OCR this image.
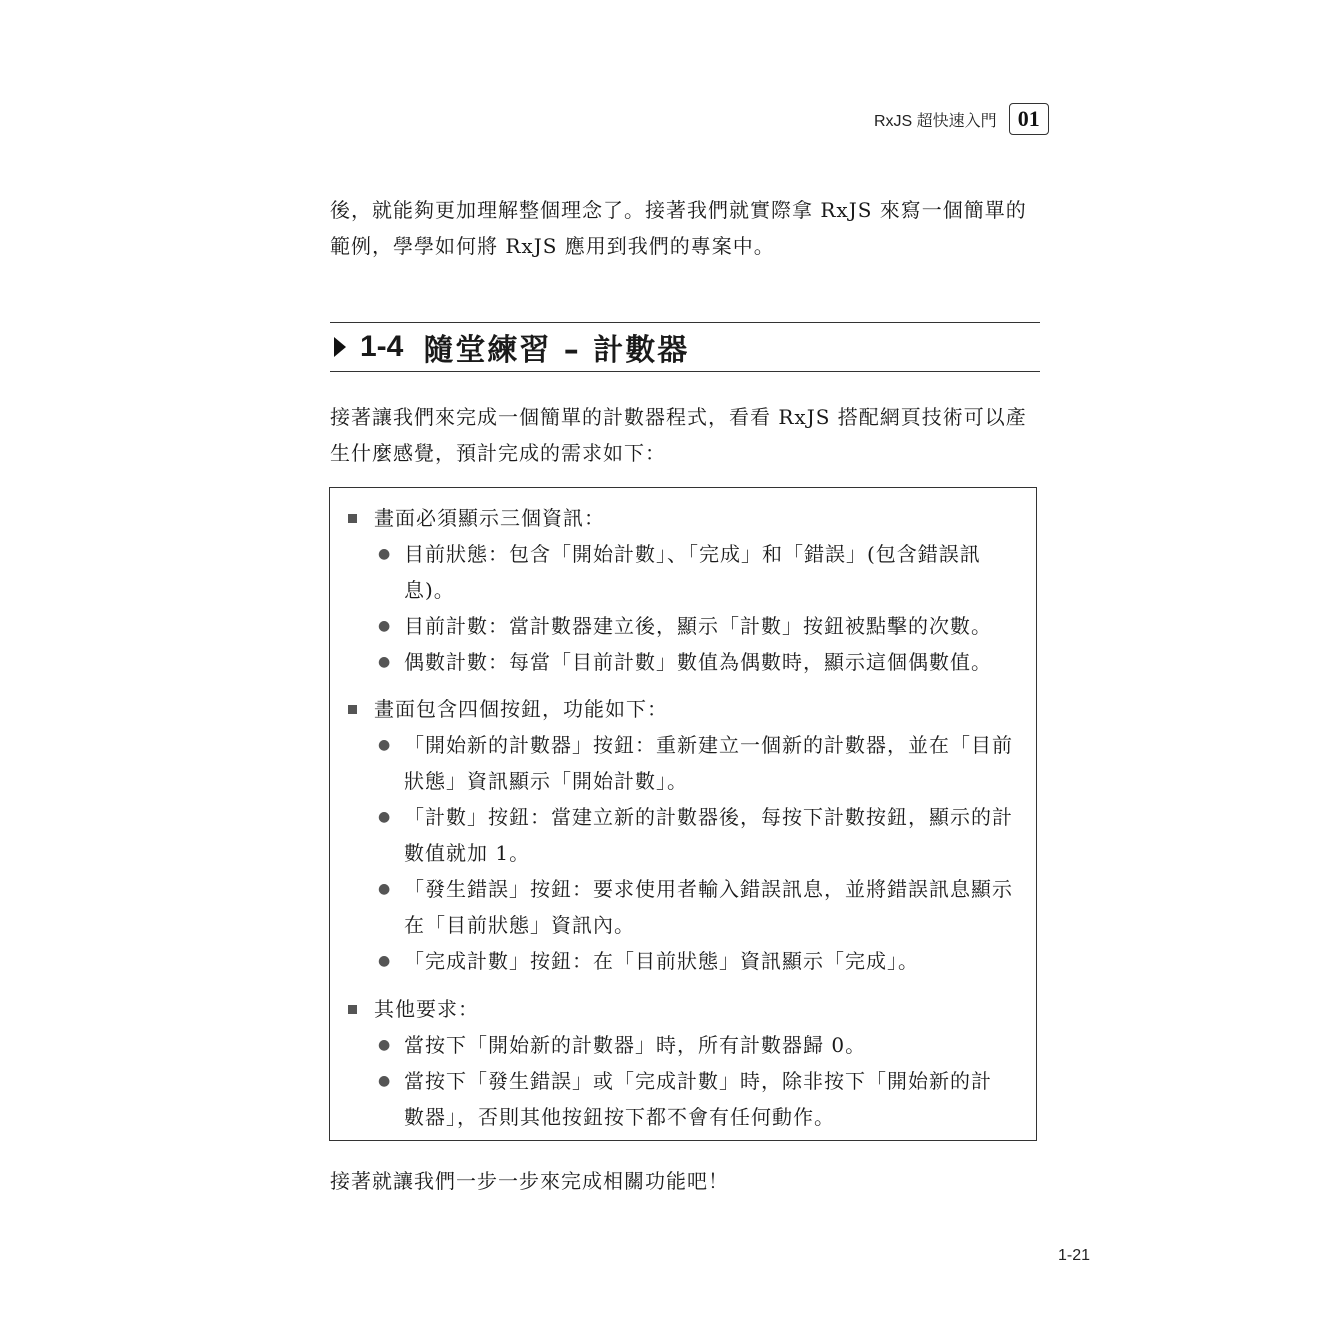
RxJS 超快速入門 01

後，就能夠更加理解整個理念了。接著我們就實際拿 RxJS 來寫一個簡單的
範例，學學如何將 RxJS 應用到我們的專案中。

1-4 隨堂練習 – 計數器

接著讓我們來完成一個簡單的計數器程式，看看 RxJS 搭配網頁技術可以產
生什麼感覺，預計完成的需求如下：

畫面必須顯示三個資訊：
● 目前狀態：包含「開始計數」、「完成」和「錯誤」(包含錯誤訊
息)。

● 目前計數：當計數器建立後，顯示「計數」按鈕被點擊的次數。

● 偶數計數：每當「目前計數」數值為偶數時，顯示這個偶數值。

畫面包含四個按鈕，功能如下：
● 「開始新的計數器」按鈕：重新建立一個新的計數器，並在「目前
狀態」資訊顯示「開始計數」。

● 「計數」按鈕：當建立新的計數器後，每按下計數按鈕，顯示的計
數值就加 1。

● 「發生錯誤」按鈕：要求使用者輸入錯誤訊息，並將錯誤訊息顯示
在「目前狀態」資訊內。

● 「完成計數」按鈕：在「目前狀態」資訊顯示「完成」。

其他要求：
● 當按下「開始新的計數器」時，所有計數器歸 0。

● 當按下「發生錯誤」或「完成計數」時，除非按下「開始新的計
數器」，否則其他按鈕按下都不會有任何動作。

接著就讓我們一步一步來完成相關功能吧！

1-21
